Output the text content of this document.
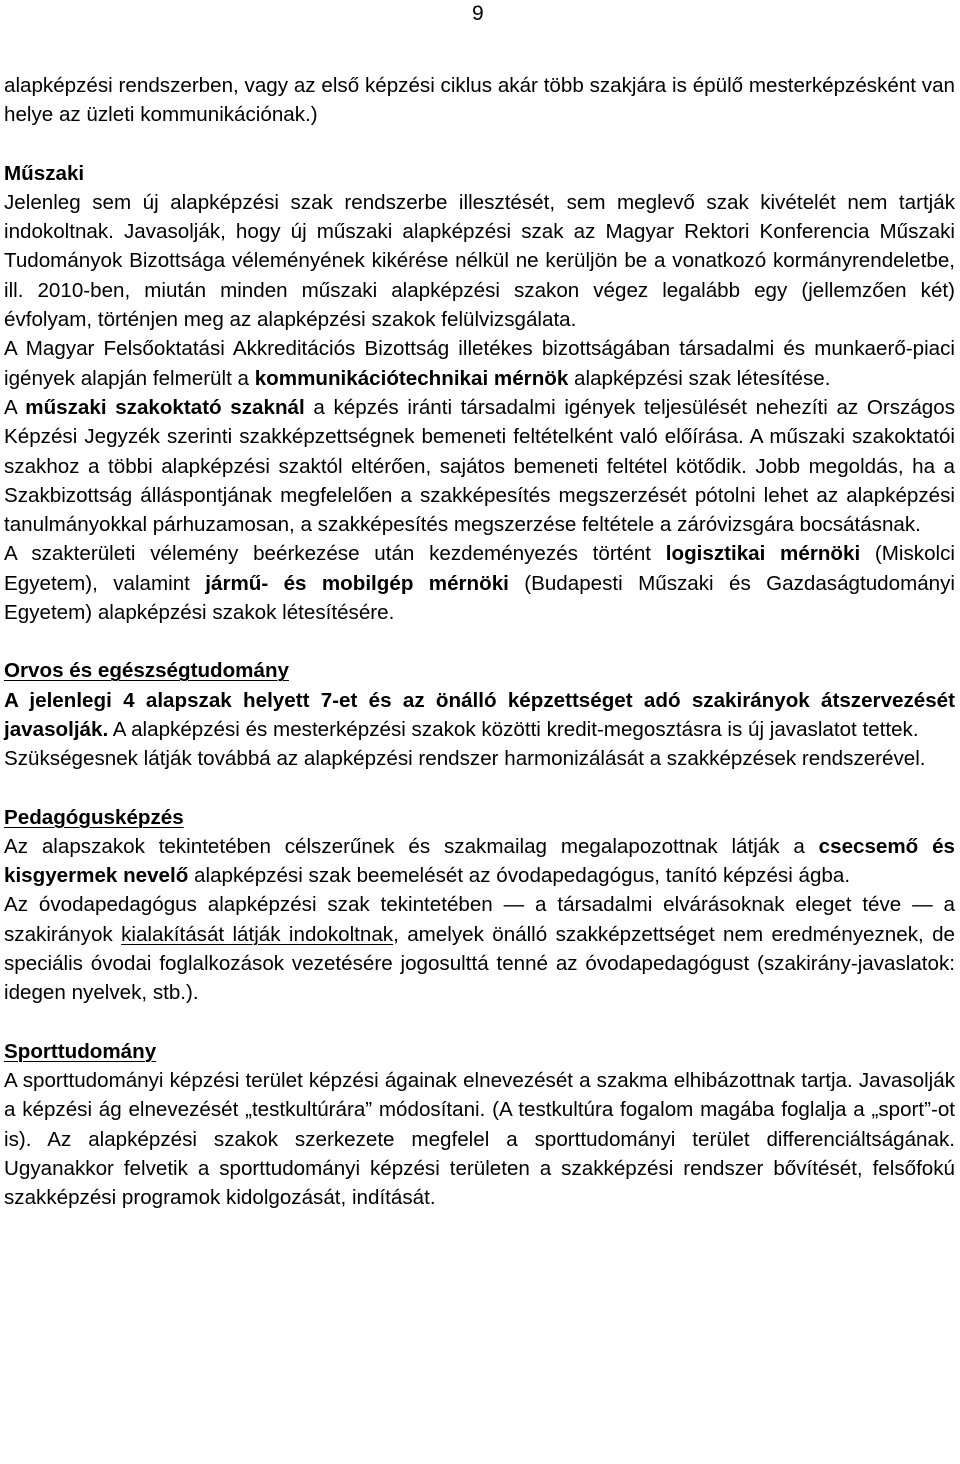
9

alapképzési rendszerben, vagy az első képzési ciklus akár több szakjára is épülő mesterképzésként van helye az üzleti kommunikációnak.)

Műszaki

Jelenleg sem új alapképzési szak rendszerbe illesztését, sem meglevő szak kivételét nem tartják indokoltnak. Javasolják, hogy új műszaki alapképzési szak az Magyar Rektori Konferencia Műszaki Tudományok Bizottsága véleményének kikérése nélkül ne kerüljön be a vonatkozó kormányrendeletbe, ill. 2010-ben, miután minden műszaki alapképzési szakon végez legalább egy (jellemzően két) évfolyam, történjen meg az alapképzési szakok felülvizsgálata.

A Magyar Felsőoktatási Akkreditációs Bizottság illetékes bizottságában társadalmi és munkaerő-piaci igények alapján felmerült a kommunikációtechnikai mérnök alapképzési szak létesítése.

A műszaki szakoktató szaknál a képzés iránti társadalmi igények teljesülését nehezíti az Országos Képzési Jegyzék szerinti szakképzettségnek bemeneti feltételként való előírása. A műszaki szakoktatói szakhoz a többi alapképzési szaktól eltérően, sajátos bemeneti feltétel kötődik. Jobb megoldás, ha a Szakbizottság álláspontjának megfelelően a szakképesítés megszerzését pótolni lehet az alapképzési tanulmányokkal párhuzamosan, a szakképesítés megszerzése feltétele a záróvizsgára bocsátásnak.

A szakterületi vélemény beérkezése után kezdeményezés történt logisztikai mérnöki (Miskolci Egyetem), valamint jármű- és mobilgép mérnöki (Budapesti Műszaki és Gazdaságtudományi Egyetem) alapképzési szakok létesítésére.

Orvos és egészségtudomány

A jelenlegi 4 alapszak helyett 7-et és az önálló képzettséget adó szakirányok átszervezését javasolják. A alapképzési és mesterképzési szakok közötti kredit-megosztásra is új javaslatot tettek.

Szükségesnek látják továbbá az alapképzési rendszer harmonizálását a szakképzések rendszerével.

Pedagógusképzés

Az alapszakok tekintetében célszerűnek és szakmailag megalapozottnak látják a csecsemő és kisgyermek nevelő alapképzési szak beemelését az óvodapedagógus, tanító képzési ágba.

Az óvodapedagógus alapképzési szak tekintetében — a társadalmi elvárásoknak eleget téve — a szakirányok kialakítását látják indokoltnak, amelyek önálló szakképzettséget nem eredményeznek, de speciális óvodai foglalkozások vezetésére jogosulttá tenné az óvodapedagógust (szakirány-javaslatok: idegen nyelvek, stb.).

Sporttudomány

A sporttudományi képzési terület képzési ágainak elnevezését a szakma elhibázottnak tartja. Javasolják a képzési ág elnevezését „testkultúrára” módosítani. (A testkultúra fogalom magába foglalja a „sport”-ot is). Az alapképzési szakok szerkezete megfelel a sporttudományi terület differenciáltságának. Ugyanakkor felvetik a sporttudományi képzési területen a szakképzési rendszer bővítését, felsőfokú szakképzési programok kidolgozását, indítását.
